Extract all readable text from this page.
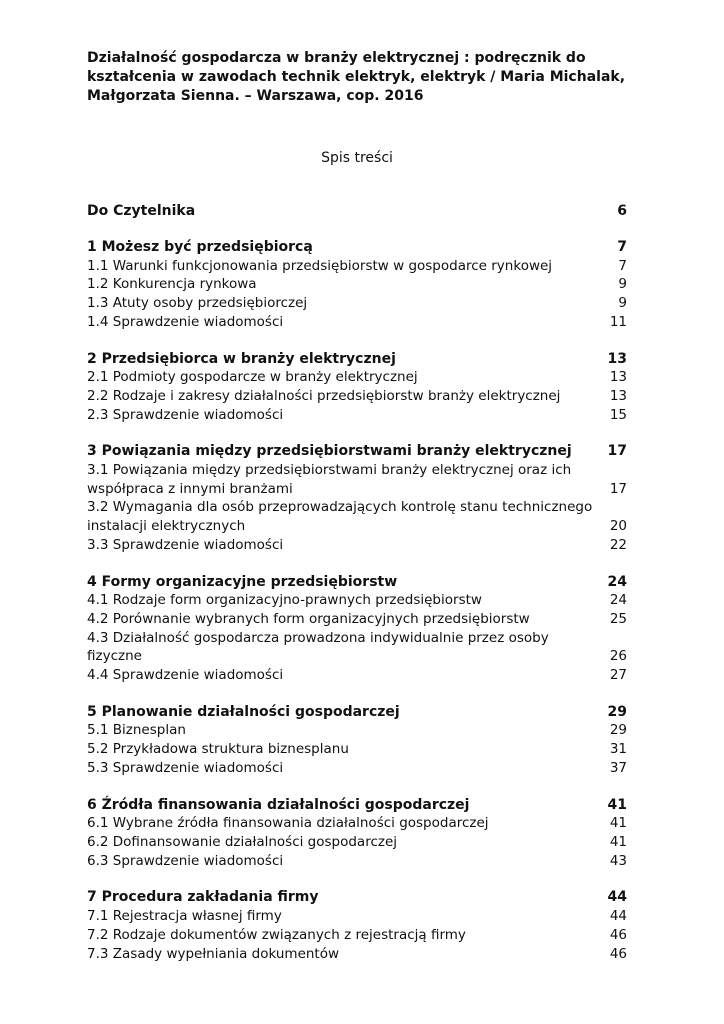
Działalność gospodarcza w branży elektrycznej : podręcznik do kształcenia w zawodach technik elektryk, elektryk / Maria Michalak, Małgorzata Sienna. – Warszawa, cop. 2016

Spis treści

Do Czytelnika	6
1 Możesz być przedsiębiorcą	7
1.1 Warunki funkcjonowania przedsiębiorstw w gospodarce rynkowej	7
1.2 Konkurencja rynkowa	9
1.3 Atuty osoby przedsiębiorczej	9
1.4 Sprawdzenie wiadomości	11
2 Przedsiębiorca w branży elektrycznej	13
2.1 Podmioty gospodarcze w branży elektrycznej	13
2.2 Rodzaje i zakresy działalności przedsiębiorstw branży elektrycznej	13
2.3 Sprawdzenie wiadomości	15
3 Powiązania między przedsiębiorstwami branży elektrycznej	17
3.1 Powiązania między przedsiębiorstwami branży elektrycznej oraz ich współpraca z innymi branżami	17
3.2 Wymagania dla osób przeprowadzających kontrolę stanu technicznego instalacji elektrycznych	20
3.3 Sprawdzenie wiadomości	22
4 Formy organizacyjne przedsiębiorstw	24
4.1 Rodzaje form organizacyjno-prawnych przedsiębiorstw	24
4.2 Porównanie wybranych form organizacyjnych przedsiębiorstw	25
4.3 Działalność gospodarcza prowadzona indywidualnie przez osoby fizyczne	26
4.4 Sprawdzenie wiadomości	27
5 Planowanie działalności gospodarczej	29
5.1 Biznesplan	29
5.2 Przykładowa struktura biznesplanu	31
5.3 Sprawdzenie wiadomości	37
6 Źródła finansowania działalności gospodarczej	41
6.1 Wybrane źródła finansowania działalności gospodarczej	41
6.2 Dofinansowanie działalności gospodarczej	41
6.3 Sprawdzenie wiadomości	43
7 Procedura zakładania firmy	44
7.1 Rejestracja własnej firmy	44
7.2 Rodzaje dokumentów związanych z rejestracją firmy	46
7.3 Zasady wypełniania dokumentów	46
